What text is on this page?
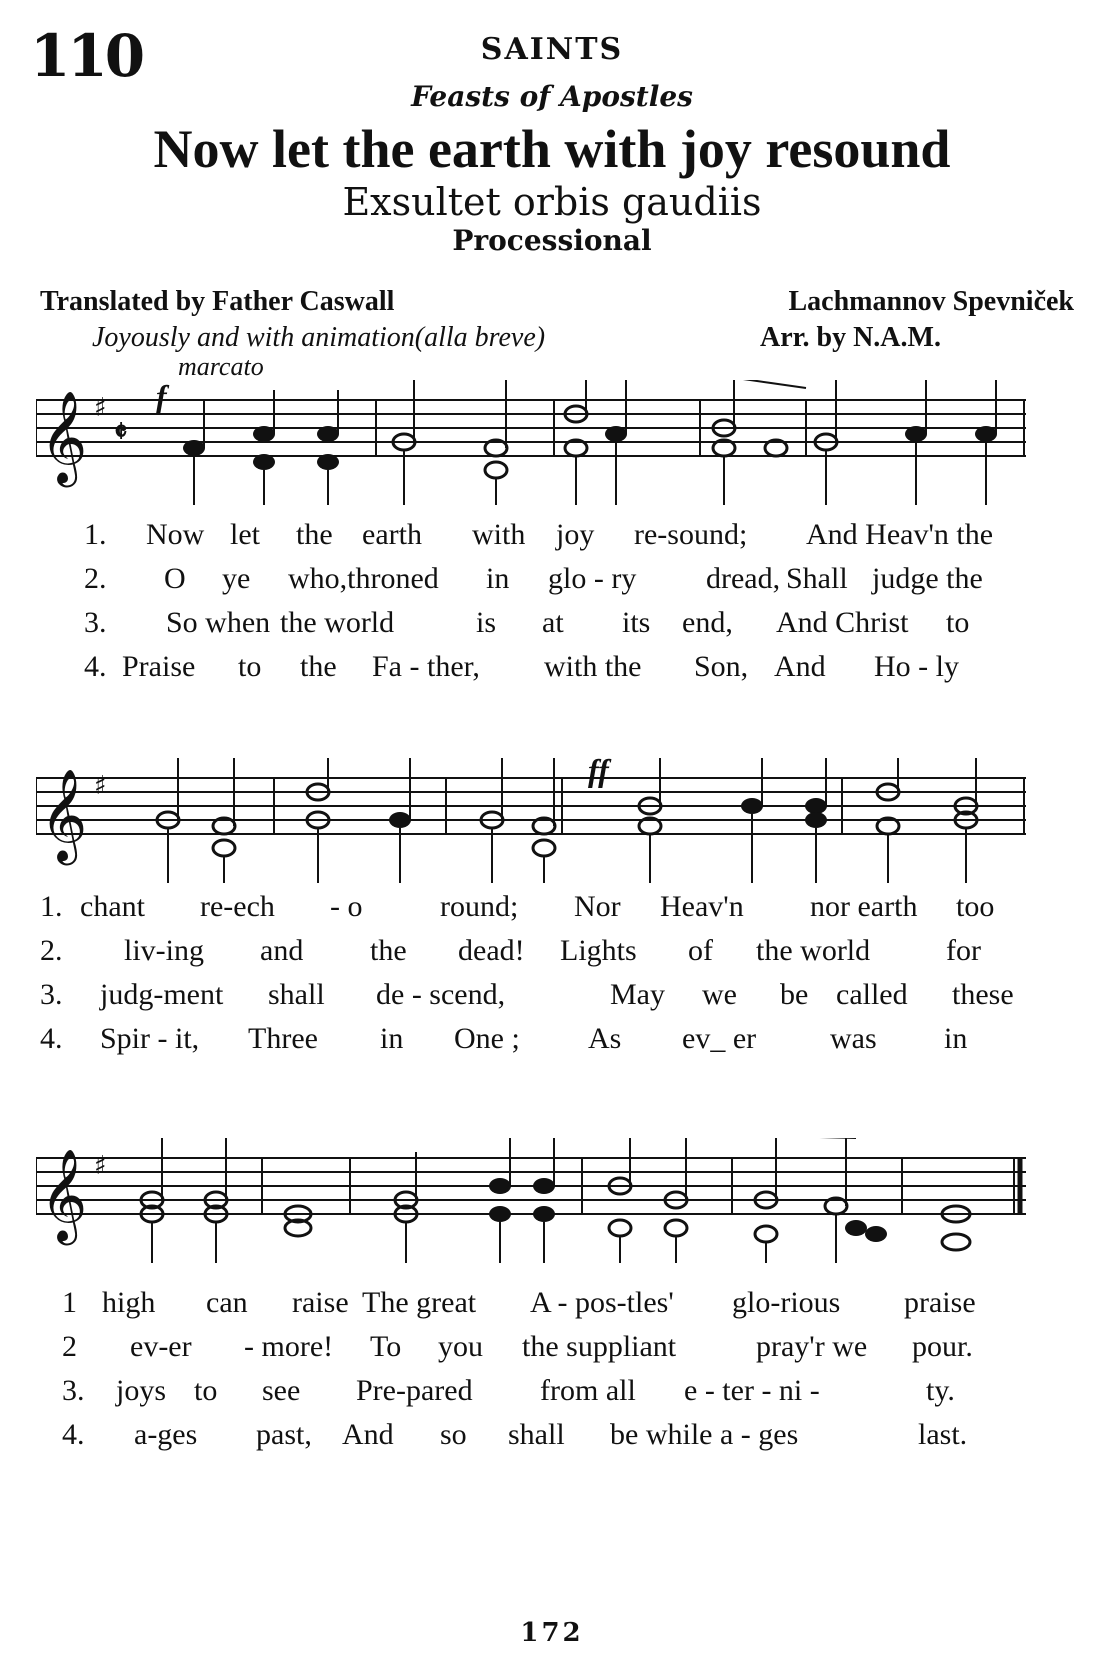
110	SAINTS
Feasts of Apostles
Now let the earth with joy resound
Exsultet orbis gaudiis
Processional
Translated by Father Caswall	Lachmannov Spevniček
Joyously and with animation(alla breve)	Arr. by N.A.M.
marcato
f
ff
𝄞 ♯
𝄵
1. Now let the earth with joy re-sound; And Heav'n the
2. O ye who,throned in glo - ry dread, Shall judge the
3. So when the world	is at its end, And Christ to
4. Praise to the Fa - ther, with the Son, And Ho - ly
𝄞 ♯
1. chant re-ech - o	round; Nor Heav'n nor earth too
2. liv-ing and the dead! Lights of the world	for
3. judg-ment shall de - scend,	May we be called these
4. Spir - it, Three in One ; As ev_ er was in
𝄞 ♯
1 high can raise The great A - pos-tles' glo-rious praise
2 ev-er - more! To you the suppliant	pray'r we pour.
3. joys to see Pre-pared from all e - ter - ni -	ty.
4. a-ges past, And so shall be while a - ges	last.
172
